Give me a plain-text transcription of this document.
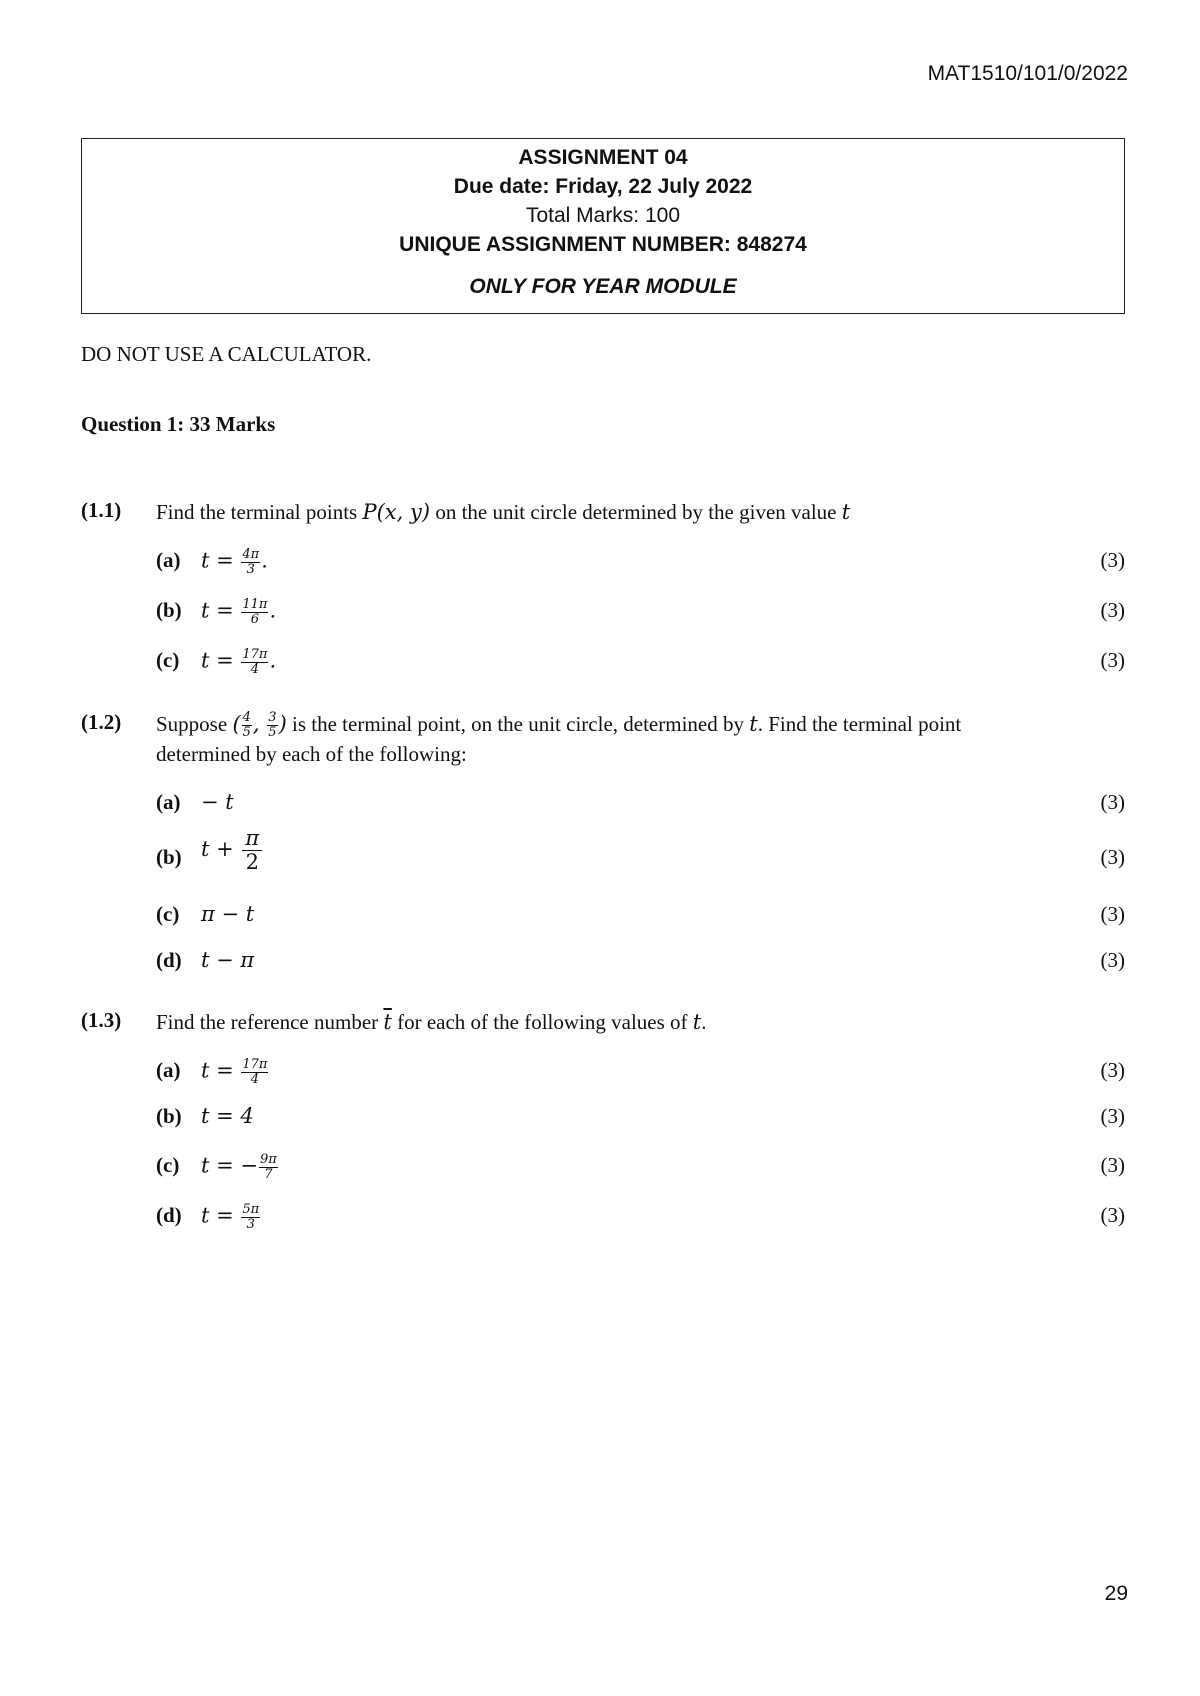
MAT1510/101/0/2022
ASSIGNMENT 04
Due date: Friday, 22 July 2022
Total Marks: 100
UNIQUE ASSIGNMENT NUMBER: 848274
ONLY FOR YEAR MODULE
DO NOT USE A CALCULATOR.
Question 1: 33 Marks
(1.1) Find the terminal points P(x, y) on the unit circle determined by the given value t
(a) $t = \frac{4\pi}{3}$ .	(3)
(b) $t = \frac{11\pi}{6}$ .	(3)
(c) $t = \frac{17\pi}{4}$ .	(3)
(1.2) Suppose ( $\frac{4}{5}$ , $\frac{3}{5}$ ) is the terminal point, on the unit circle, determined by t. Find the terminal point determined by each of the following:
(a) − t	(3)
(b) $t + \frac{\pi}{2}$	(3)
(c) π − t	(3)
(d) t − π	(3)
(1.3) Find the reference number $\overline{t}$ for each of the following values of t.
(a) $t = \frac{17\pi}{4}$	(3)
(b) t = 4	(3)
(c) t = − $\frac{9\pi}{7}$	(3)
(d) $t = \frac{5\pi}{3}$	(3)
29
